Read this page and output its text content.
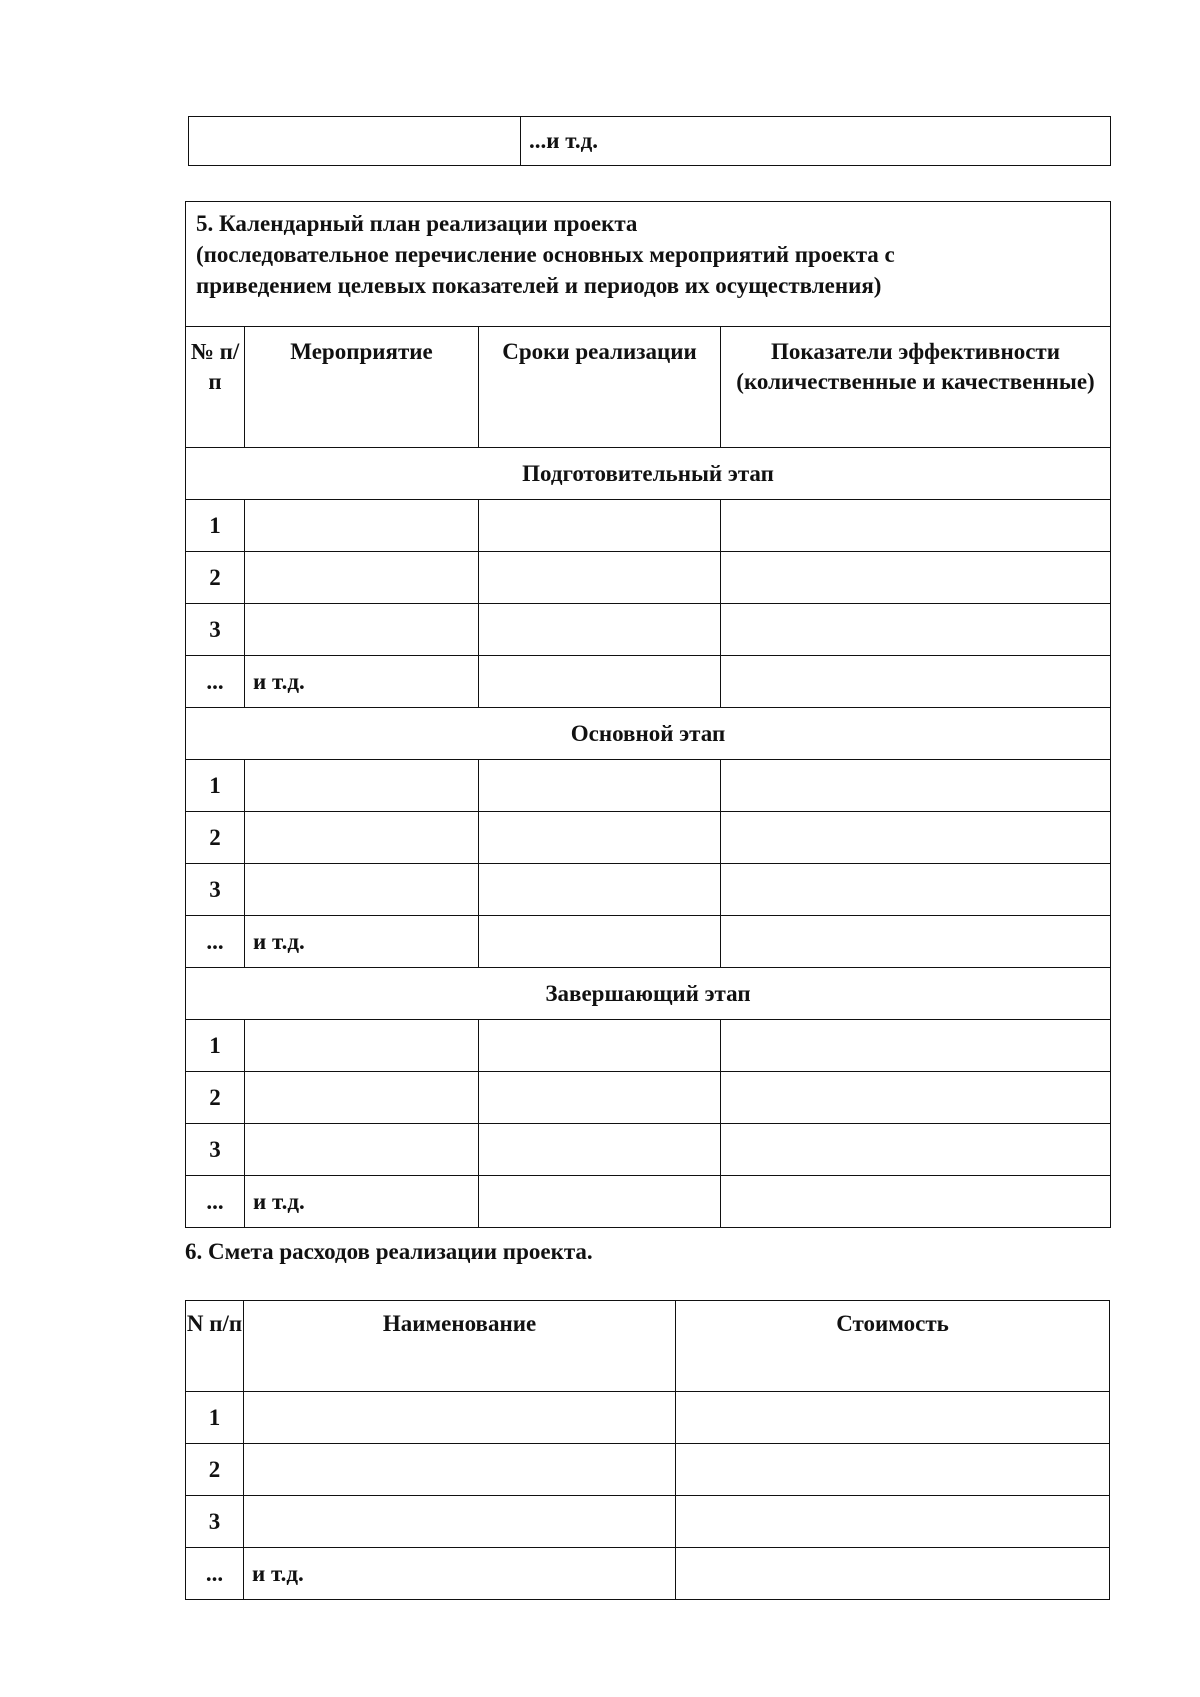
	...и т.д.
5. Календарный план реализации проекта
(последовательное перечисление основных мероприятий проекта с
приведением целевых показателей и периодов их осуществления)			

№ п/п	Мероприятие	Сроки реализации	Показатели эффективности (количественные и качественные)
Подготовительный этап			
1			
2			
3			
...	и т.д.		
Основной этап			
1			
2			
3			
...	и т.д.		
Завершающий этап			
1			
2			
3			
...	и т.д.		
6. Смета расходов реализации проекта.
N п/п	Наименование	Стоимость
1		
2		
3		
...	и т.д.	
